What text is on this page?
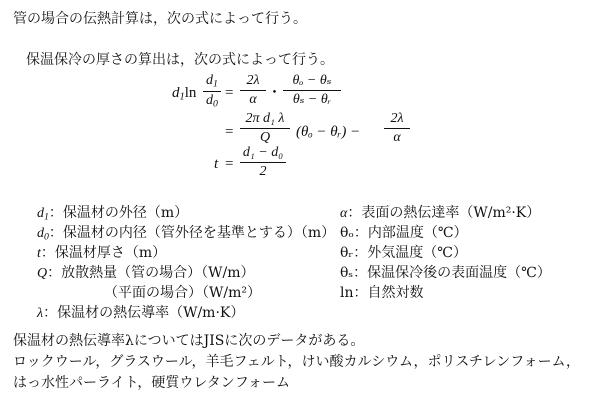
管の場合の伝熱計算は，次の式によって行う。
保温保冷の厚さの算出は，次の式によって行う。
$d_1\ln$
$d_1$
$d_0$
=
2λ
α ・
θₒ − θₛ
θₛ − θᵣ
=
2π d₁ λ
Q	(θₒ − θᵣ) −
2λ
α
t =
d₁ − d₀
2
$d_1$：保温材の外径（m）
$d_0$：保温材の内径（管外径を基準とする）（m）
t：保温材厚さ（m）
Q：放散熱量（管の場合）（W/m）
（平面の場合）（W/m²）
λ：保温材の熱伝導率（W/m·K）
α：表面の熱伝達率（W/m²·K）
θₒ：内部温度（℃）
θᵣ：外気温度（℃）
θₛ：保温保冷後の表面温度（℃）
ln：自然対数
保温材の熱伝導率λについてはJISに次のデータがある。
ロックウール，グラスウール，羊毛フェルト，けい酸カルシウム，ポリスチレンフォーム，
はっ水性パーライト，硬質ウレタンフォーム
